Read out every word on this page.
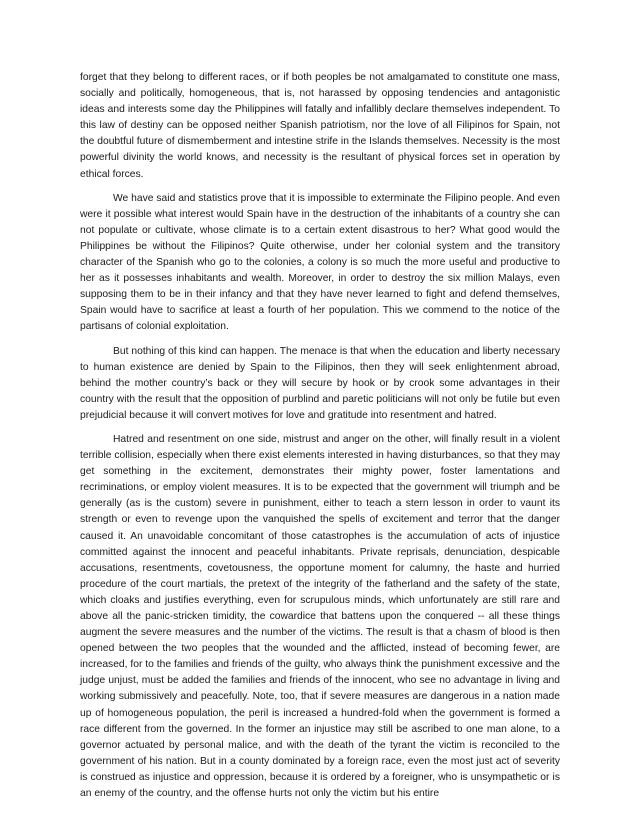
forget that they belong to different races, or if both peoples be not amalgamated to constitute one mass, socially and politically, homogeneous, that is, not harassed by opposing tendencies and antagonistic ideas and interests some day the Philippines will fatally and infallibly declare themselves independent. To this law of destiny can be opposed neither Spanish patriotism, nor the love of all Filipinos for Spain, not the doubtful future of dismemberment and intestine strife in the Islands themselves. Necessity is the most powerful divinity the world knows, and necessity is the resultant of physical forces set in operation by ethical forces.

We have said and statistics prove that it is impossible to exterminate the Filipino people. And even were it possible what interest would Spain have in the destruction of the inhabitants of a country she can not populate or cultivate, whose climate is to a certain extent disastrous to her? What good would the Philippines be without the Filipinos? Quite otherwise, under her colonial system and the transitory character of the Spanish who go to the colonies, a colony is so much the more useful and productive to her as it possesses inhabitants and wealth. Moreover, in order to destroy the six million Malays, even supposing them to be in their infancy and that they have never learned to fight and defend themselves, Spain would have to sacrifice at least a fourth of her population. This we commend to the notice of the partisans of colonial exploitation.

But nothing of this kind can happen. The menace is that when the education and liberty necessary to human existence are denied by Spain to the Filipinos, then they will seek enlightenment abroad, behind the mother country’s back or they will secure by hook or by crook some advantages in their country with the result that the opposition of purblind and paretic politicians will not only be futile but even prejudicial because it will convert motives for love and gratitude into resentment and hatred.

Hatred and resentment on one side, mistrust and anger on the other, will finally result in a violent terrible collision, especially when there exist elements interested in having disturbances, so that they may get something in the excitement, demonstrates their mighty power, foster lamentations and recriminations, or employ violent measures. It is to be expected that the government will triumph and be generally (as is the custom) severe in punishment, either to teach a stern lesson in order to vaunt its strength or even to revenge upon the vanquished the spells of excitement and terror that the danger caused it. An unavoidable concomitant of those catastrophes is the accumulation of acts of injustice committed against the innocent and peaceful inhabitants. Private reprisals, denunciation, despicable accusations, resentments, covetousness, the opportune moment for calumny, the haste and hurried procedure of the court martials, the pretext of the integrity of the fatherland and the safety of the state, which cloaks and justifies everything, even for scrupulous minds, which unfortunately are still rare and above all the panic-stricken timidity, the cowardice that battens upon the conquered -- all these things augment the severe measures and the number of the victims. The result is that a chasm of blood is then opened between the two peoples that the wounded and the afflicted, instead of becoming fewer, are increased, for to the families and friends of the guilty, who always think the punishment excessive and the judge unjust, must be added the families and friends of the innocent, who see no advantage in living and working submissively and peacefully. Note, too, that if severe measures are dangerous in a nation made up of homogeneous population, the peril is increased a hundred-fold when the government is formed a race different from the governed. In the former an injustice may still be ascribed to one man alone, to a governor actuated by personal malice, and with the death of the tyrant the victim is reconciled to the government of his nation. But in a county dominated by a foreign race, even the most just act of severity is construed as injustice and oppression, because it is ordered by a foreigner, who is unsympathetic or is an enemy of the country, and the offense hurts not only the victim but his entire
